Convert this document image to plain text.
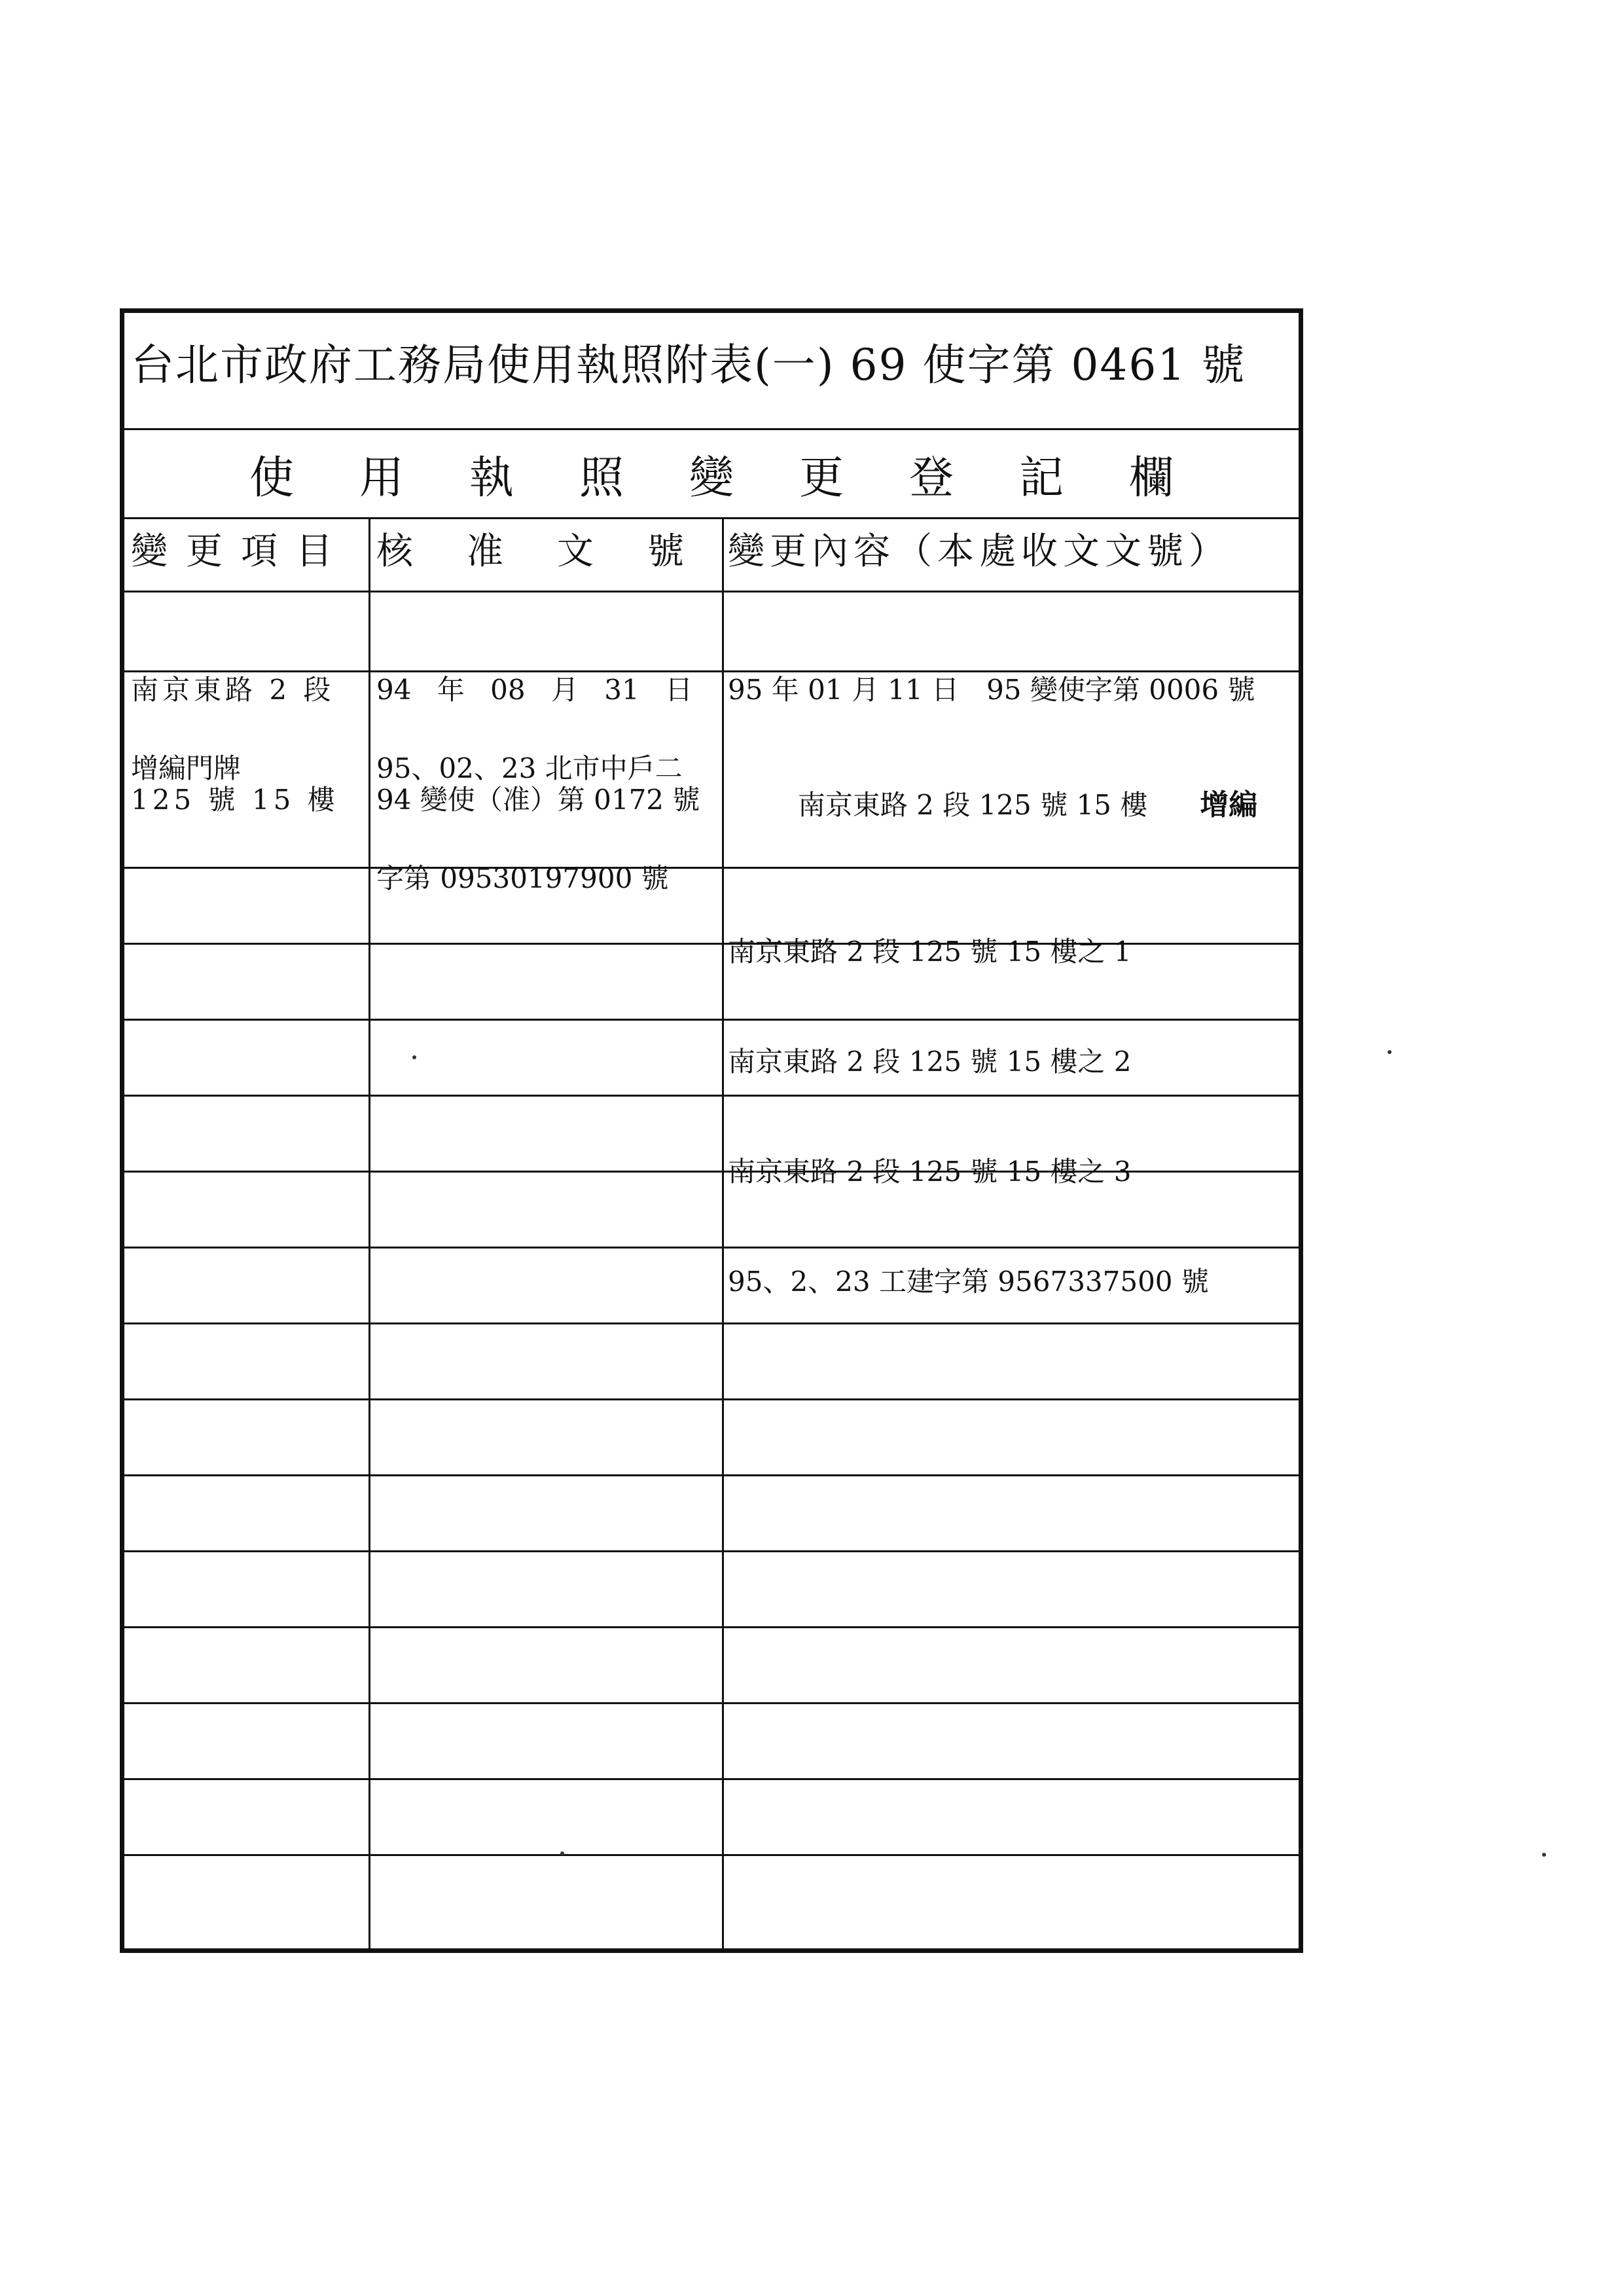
台北市政府工務局使用執照附表(一) 69 使字第 0461 號
使用執照變更登記欄
變更項目 核准文號
變更內容（本處收文文號）

南京東路 2 段

125 號 15 樓

94 年 08 月 31 日

94 變使（准）第 0172 號

95 年 01 月 11 日　95 變使字第 0006 號

增編門牌

	95、02、23 北市中戶二

字第 09530197900 號

南京東路 2 段 125 號 15 樓 增編

南京東路 2 段 125 號 15 樓之 1

南京東路 2 段 125 號 15 樓之 2

南京東路 2 段 125 號 15 樓之 3

95、2、23 工建字第 9567337500 號
